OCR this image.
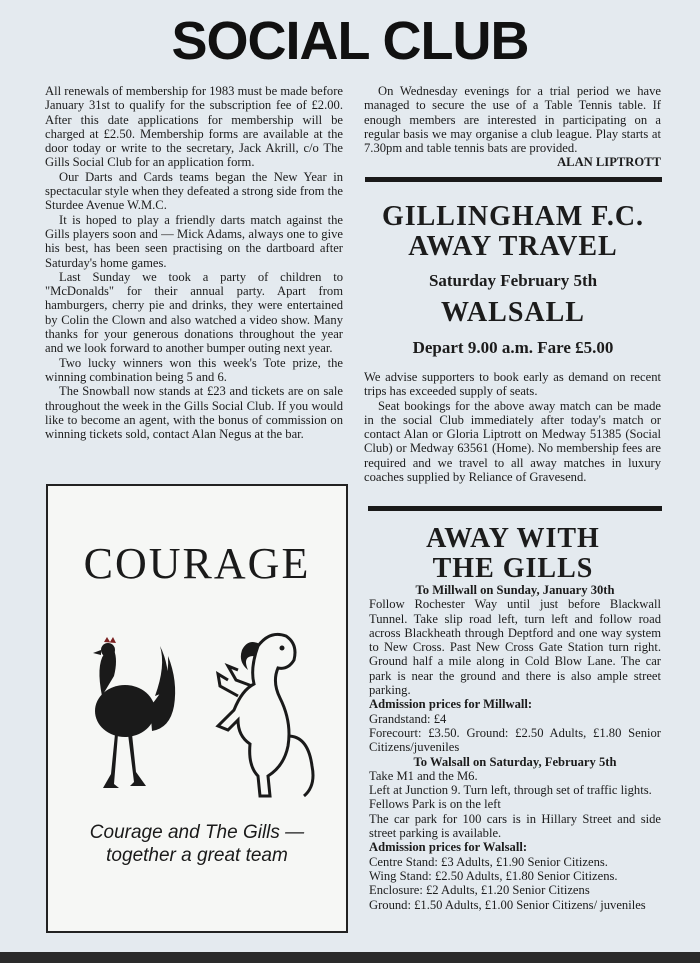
SOCIAL CLUB

All renewals of membership for 1983 must be made before January 31st to qualify for the subscription fee of £2.00. After this date applications for membership will be charged at £2.50. Membership forms are available at the door today or write to the secretary, Jack Akrill, c/o The Gills Social Club for an application form.

Our Darts and Cards teams began the New Year in spectacular style when they defeated a strong side from the Sturdee Avenue W.M.C.

It is hoped to play a friendly darts match against the Gills players soon and — Mick Adams, always one to give his best, has been seen practising on the dartboard after Saturday's home games.

Last Sunday we took a party of children to "McDonalds" for their annual party. Apart from hamburgers, cherry pie and drinks, they were entertained by Colin the Clown and also watched a video show. Many thanks for your generous donations throughout the year and we look forward to another bumper outing next year.

Two lucky winners won this week's Tote prize, the winning combination being 5 and 6.

The Snowball now stands at £23 and tickets are on sale throughout the week in the Gills Social Club. If you would like to become an agent, with the bonus of commission on winning tickets sold, contact Alan Negus at the bar.

COURAGE
Courage and The Gills —
together a great team

On Wednesday evenings for a trial period we have managed to secure the use of a Table Tennis table. If enough members are interested in participating on a regular basis we may organise a club league. Play starts at 7.30pm and table tennis bats are provided.

ALAN LIPTROTT
GILLINGHAM F.C.
AWAY TRAVEL
Saturday February 5th
WALSALL
Depart 9.00 a.m. Fare £5.00

We advise supporters to book early as demand on recent trips has exceeded supply of seats.

Seat bookings for the above away match can be made in the social Club immediately after today's match or contact Alan or Gloria Liptrott on Medway 51385 (Social Club) or Medway 63561 (Home). No membership fees are required and we travel to all away matches in luxury coaches supplied by Reliance of Gravesend.

AWAY WITH
THE GILLS
To Millwall on Sunday, January 30th

Follow Rochester Way until just before Blackwall Tunnel. Take slip road left, turn left and follow road across Blackheath through Deptford and one way system to New Cross. Past New Cross Gate Station turn right. Ground half a mile along in Cold Blow Lane. The car park is near the ground and there is also ample street parking.

Admission prices for Millwall:
Grandstand: £4
Forecourt: £3.50. Ground: £2.50 Adults, £1.80 Senior Citizens/juveniles
To Walsall on Saturday, February 5th
Take M1 and the M6.
Left at Junction 9. Turn left, through set of traffic lights.
Fellows Park is on the left
The car park for 100 cars is in Hillary Street and side street parking is available.
Admission prices for Walsall:
Centre Stand: £3 Adults, £1.90 Senior Citizens.
Wing Stand: £2.50 Adults, £1.80 Senior Citizens.
Enclosure: £2 Adults, £1.20 Senior Citizens
Ground: £1.50 Adults, £1.00 Senior Citizens/ juveniles
